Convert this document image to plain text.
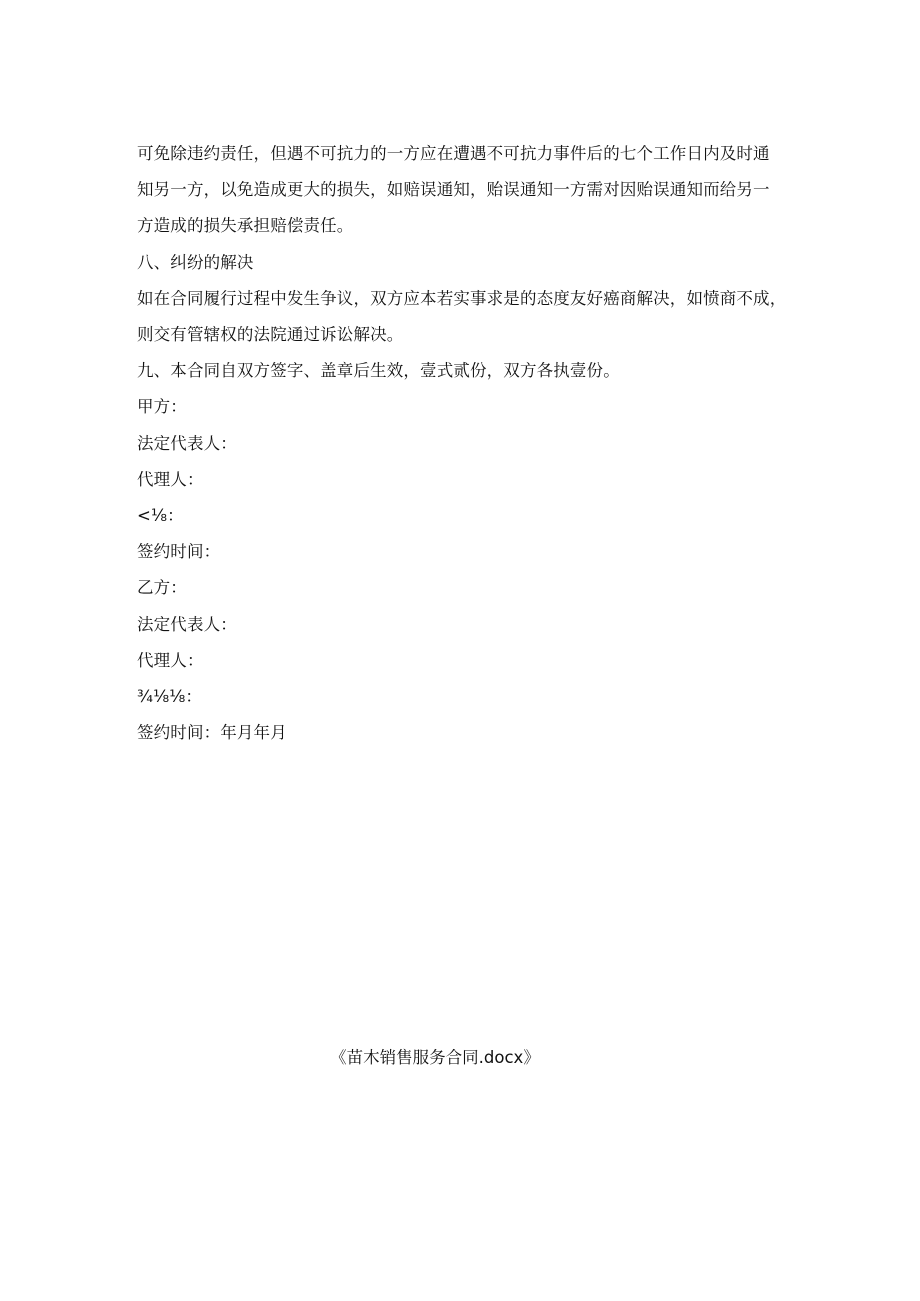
可免除违约责任，但遇不可抗力的一方应在遭遇不可抗力事件后的七个工作日内及时通

知另一方，以免造成更大的损失，如赔误通知，贻误通知一方需对因贻误通知而给另一

方造成的损失承担赔偿责任。

八、纠纷的解决

如在合同履行过程中发生争议，双方应本若实事求是的态度友好癌商解决，如愤商不成，

则交有管辖权的法院通过诉讼解决。

九、本合同自双方签字、盖章后生效，壹式贰份，双方各执壹份。

甲方：

法定代表人：

代理人：

<⅛：

签约时间：

乙方：

法定代表人：

代理人：

¾⅛⅛：

签约时间：年月年月

《苗木销售服务合同.docx》
